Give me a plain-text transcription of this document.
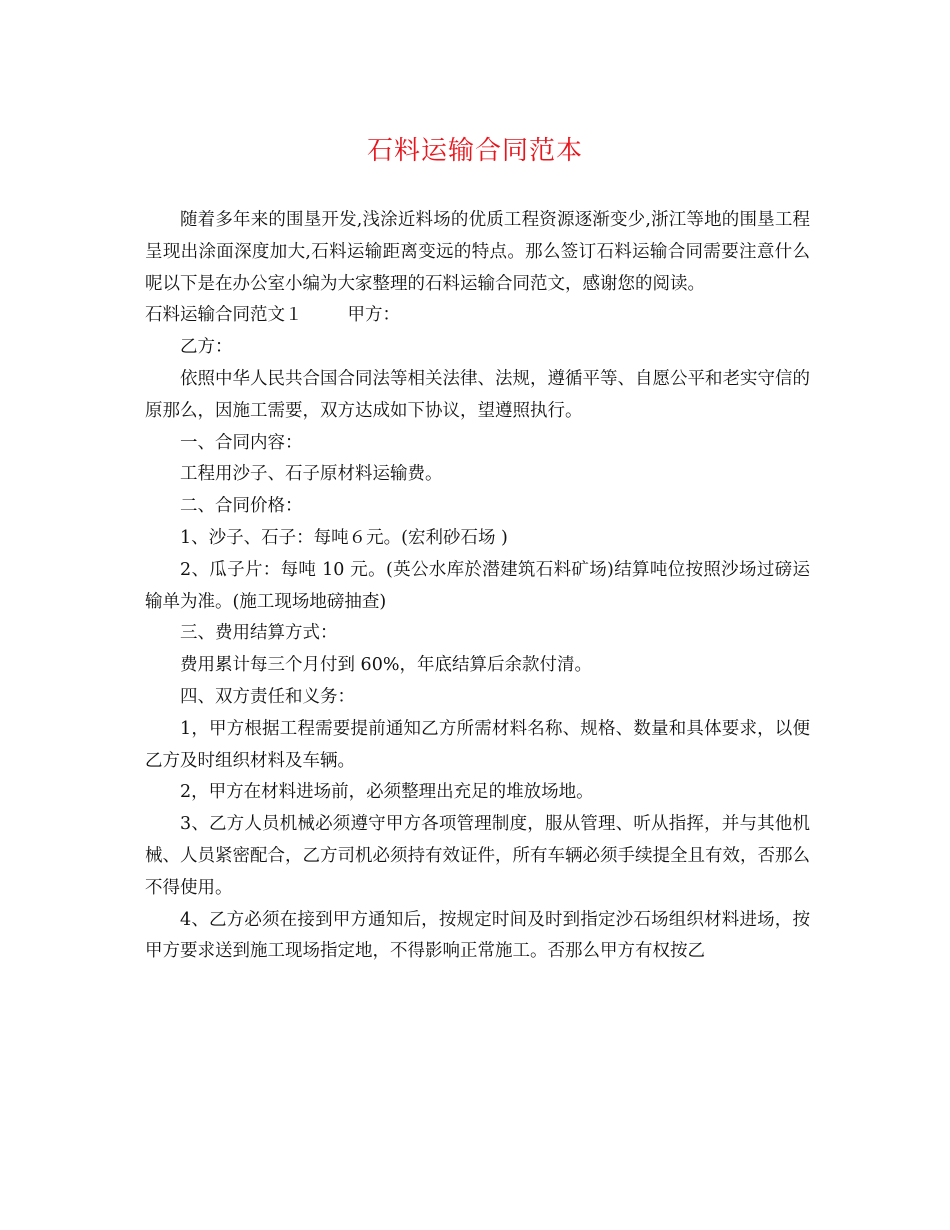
石料运输合同范本

随着多年来的围垦开发,浅涂近料场的优质工程资源逐渐变少,浙江等地的围垦工程呈现出涂面深度加大,石料运输距离变远的特点。那么签订石料运输合同需要注意什么呢以下是在办公室小编为大家整理的石料运输合同范文，感谢您的阅读。

石料运输合同范文１	甲方：

乙方：

依照中华人民共合国合同法等相关法律、法规，遵循平等、自愿公平和老实守信的原那么，因施工需要，双方达成如下协议，望遵照执行。

一、合同内容：

工程用沙子、石子原材料运输费。

二、合同价格：

1、沙子、石子：每吨６元。(宏利砂石场 )

2、瓜子片：每吨 10 元。(英公水库於潜建筑石料矿场)结算吨位按照沙场过磅运输单为准。(施工现场地磅抽查)

三、费用结算方式：

费用累计每三个月付到 60%，年底结算后余款付清。

四、双方责任和义务：

1，甲方根据工程需要提前通知乙方所需材料名称、规格、数量和具体要求，以便乙方及时组织材料及车辆。

2，甲方在材料进场前，必须整理出充足的堆放场地。

3、乙方人员机械必须遵守甲方各项管理制度，服从管理、听从指挥，并与其他机械、人员紧密配合，乙方司机必须持有效证件，所有车辆必须手续提全且有效，否那么不得使用。

4、乙方必须在接到甲方通知后，按规定时间及时到指定沙石场组织材料进场，按甲方要求送到施工现场指定地，不得影响正常施工。否那么甲方有权按乙
